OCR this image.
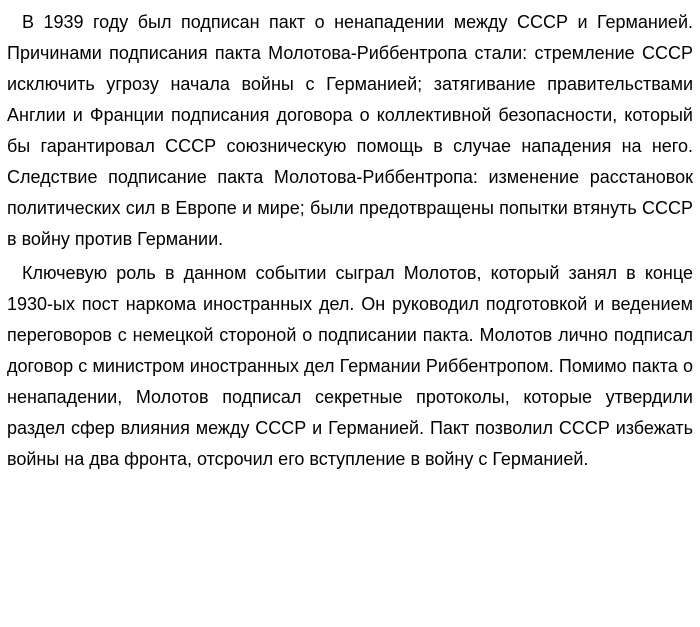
В 1939 году был подписан пакт о ненападении между СССР и Германией. Причинами подписания пакта Молотова-Риббентропа стали: стремление СССР исключить угрозу начала войны с Германией; затягивание правительствами Англии и Франции подписания договора о коллективной безопасности, который бы гарантировал СССР союзническую помощь в случае нападения на него. Следствие подписание пакта Молотова-Риббентропа: изменение расстановок политических сил в Европе и мире; были предотвращены попытки втянуть СССР в войну против Германии.

Ключевую роль в данном событии сыграл Молотов, который занял в конце 1930-ых пост наркома иностранных дел. Он руководил подготовкой и ведением переговоров с немецкой стороной о подписании пакта. Молотов лично подписал договор с министром иностранных дел Германии Риббентропом. Помимо пакта о ненападении, Молотов подписал секретные протоколы, которые утвердили раздел сфер влияния между СССР и Германией. Пакт позволил СССР избежать войны на два фронта, отсрочил его вступление в войну с Германией.
